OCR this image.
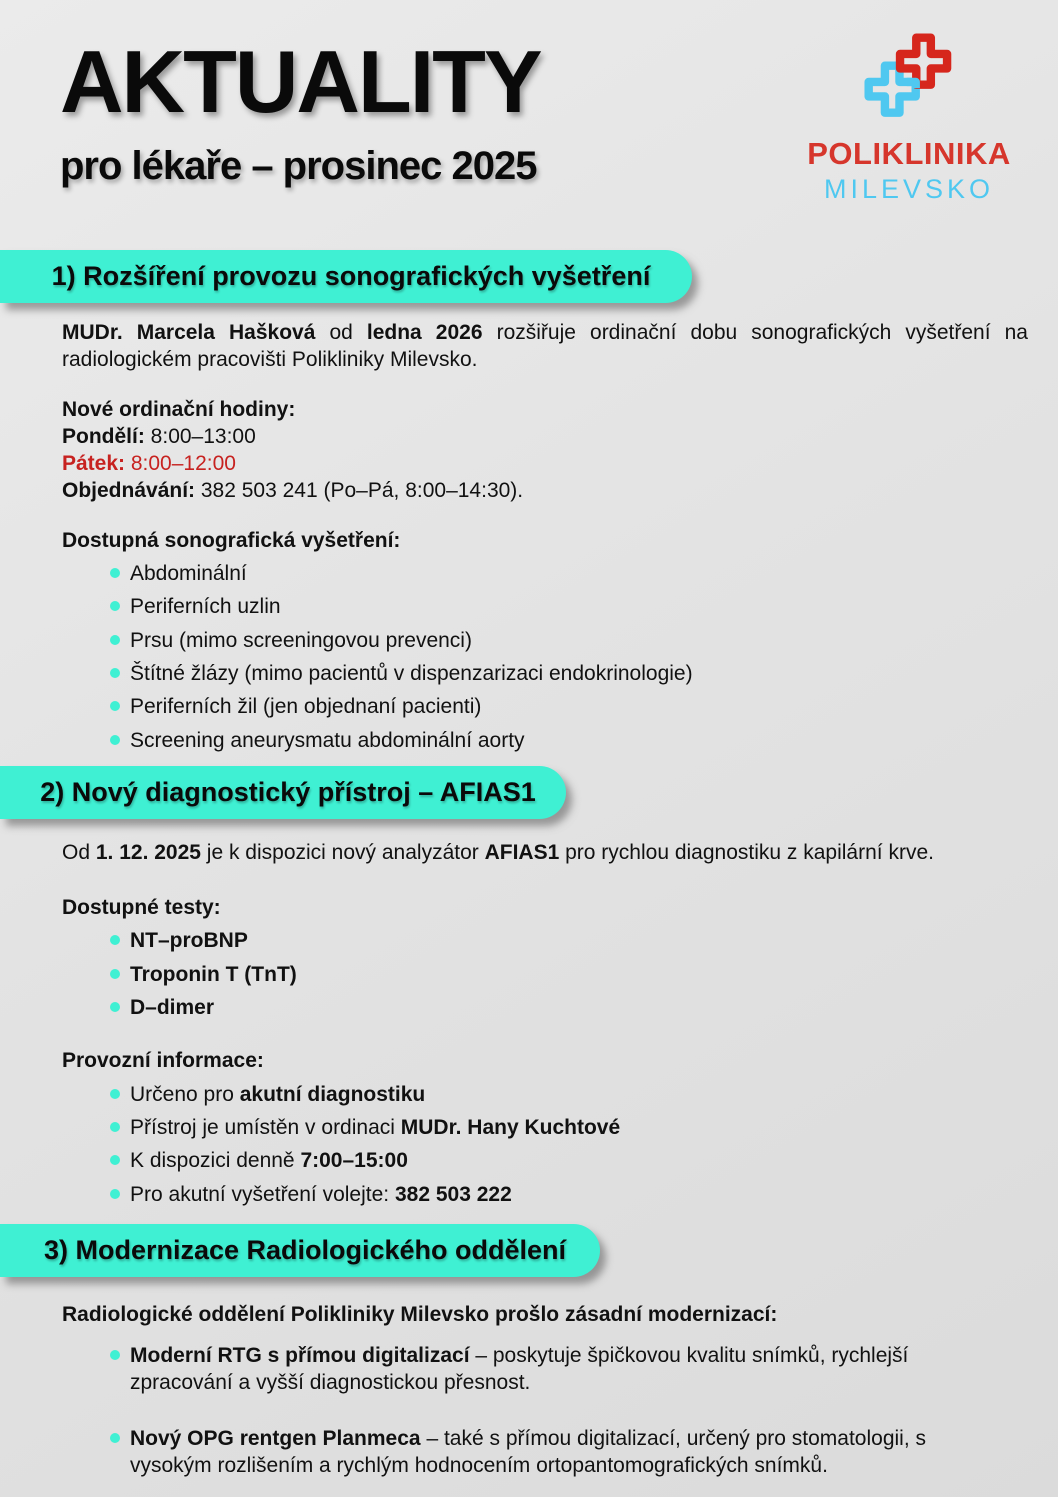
AKTUALITY
pro lékaře – prosinec 2025	POLIKLINIKA
MILEVSKO
1) Rozšíření provozu sonografických vyšetření
MUDr. Marcela Hašková od ledna 2026 rozšiřuje ordinační dobu sonografických vyšetření na radiologickém pracovišti Polikliniky Milevsko.
Nové ordinační hodiny:
Pondělí: 8:00–13:00
Pátek: 8:00–12:00
Objednávání: 382 503 241 (Po–Pá, 8:00–14:30).
Dostupná sonografická vyšetření:
Abdominální
Periferních uzlin
Prsu (mimo screeningovou prevenci)
Štítné žlázy (mimo pacientů v dispenzarizaci endokrinologie)
Periferních žil (jen objednaní pacienti)
Screening aneurysmatu abdominální aorty
2) Nový diagnostický přístroj – AFIAS1
Od 1. 12. 2025 je k dispozici nový analyzátor AFIAS1 pro rychlou diagnostiku z kapilární krve.
Dostupné testy:
NT–proBNP
Troponin T (TnT)
D–dimer
Provozní informace:
Určeno pro akutní diagnostiku
Přístroj je umístěn v ordinaci MUDr. Hany Kuchtové
K dispozici denně 7:00–15:00
Pro akutní vyšetření volejte: 382 503 222
3) Modernizace Radiologického oddělení
Radiologické oddělení Polikliniky Milevsko prošlo zásadní modernizací:
Moderní RTG s přímou digitalizací – poskytuje špičkovou kvalitu snímků, rychlejší zpracování a vyšší diagnostickou přesnost.
Nový OPG rentgen Planmeca – také s přímou digitalizací, určený pro stomatologii, s vysokým rozlišením a rychlým hodnocením ortopantomografických snímků.
